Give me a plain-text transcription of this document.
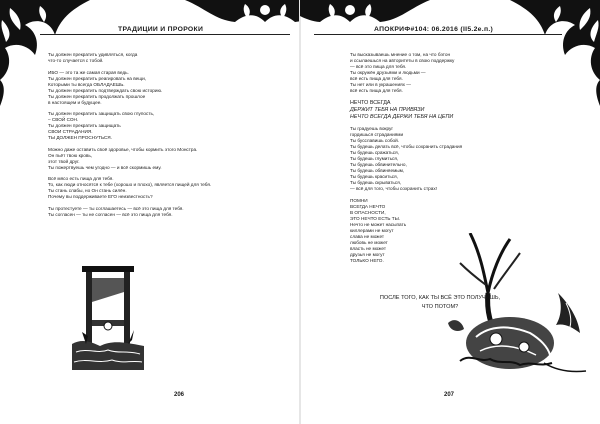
ТРАДИЦИИ И ПРОРОКИ

Ты должен прекратить удивляться, когда
что-то случается с тобой.

ИБО — это та же самая старая ведь.
Ты должен прекратить реагировать на вещи,
Которыми ты всегда ОБЛАДАЕШЬ.
Ты должен прекратить подтверждать свою историю.
Ты должен прекратить продолжать прошлое
в настоящем и будущее.

Ты должен прекратить защищать свою глупость,
– СВОЙ СОН.
Ты должен прекратить защищать
СВОИ СТРАДАНИЯ.
ТЫ ДОЛЖЕН ПРОСНУТЬСЯ.

Можно даже оставить своё здоровье, чтобы кормить этого Монстра.
Он пьёт твою кровь,
этот твой друг.
Ты пожертвуешь чем угодно — и всё скормишь ему.

Всё мясо есть пища для тебя.
То, как люди относятся к тебе (хорошо и плохо), является пищей для тебя.
Ты стань слабы, но Он стань силён.
Почему вы поддерживаете ЕГО неизвестность?

Ты протестуете — ты соглашаетесь — всё это пища для тебя.
Ты согласен — ты не согласен — всё это пища для тебя.

206
АПОКРИФ#104: 06.2016 (II5.2е.п.)

Ты высказываешь мнение о том, на что бэтон
и ссылаешься на авторитеты в свою поддержку
— всё это пища для тебя.
Ты окружён друзьями и людьми —
всё есть пища для тебя.
Ты нет или в украшениях —
всё есть пища для тебя.

НЕЧТО ВСЕГДА
ДЕРЖИТ ТЕБЯ НА ПРИВЯЗИ
НЕЧТО ВСЕГДА ДЕРЖИ ТЕБЯ НА ЦЕПИ

Ты градуешь вокруг
гордишься страданиями
Ты бусславишь собой.
Ты будешь делать всё, чтобы сохранить страдания
Ты будешь сражаться,
Ты будешь глумиться,
Ты будешь обвинительно,
Ты будешь обвиняемым,
Ты будешь краситься,
Ты будешь скрываться,
— всё для того, чтобы сохранить страх!

ПОМНИ
ВСЕГДА НЕЧТО
В ОПАСНОСТИ,
ЭТО НЕЧТО ЕСТЬ ТЫ.
Нечто не может насыпать
киллерами не могут
слава не может
любовь не может
власть не может
друзья не могут
ТОЛЬКО НЕГО.

ПОСЛЕ ТОГО, КАК ТЫ ВСЁ ЭТО ПОЛУЧИШЬ,
ЧТО ПОТОМ?
207
